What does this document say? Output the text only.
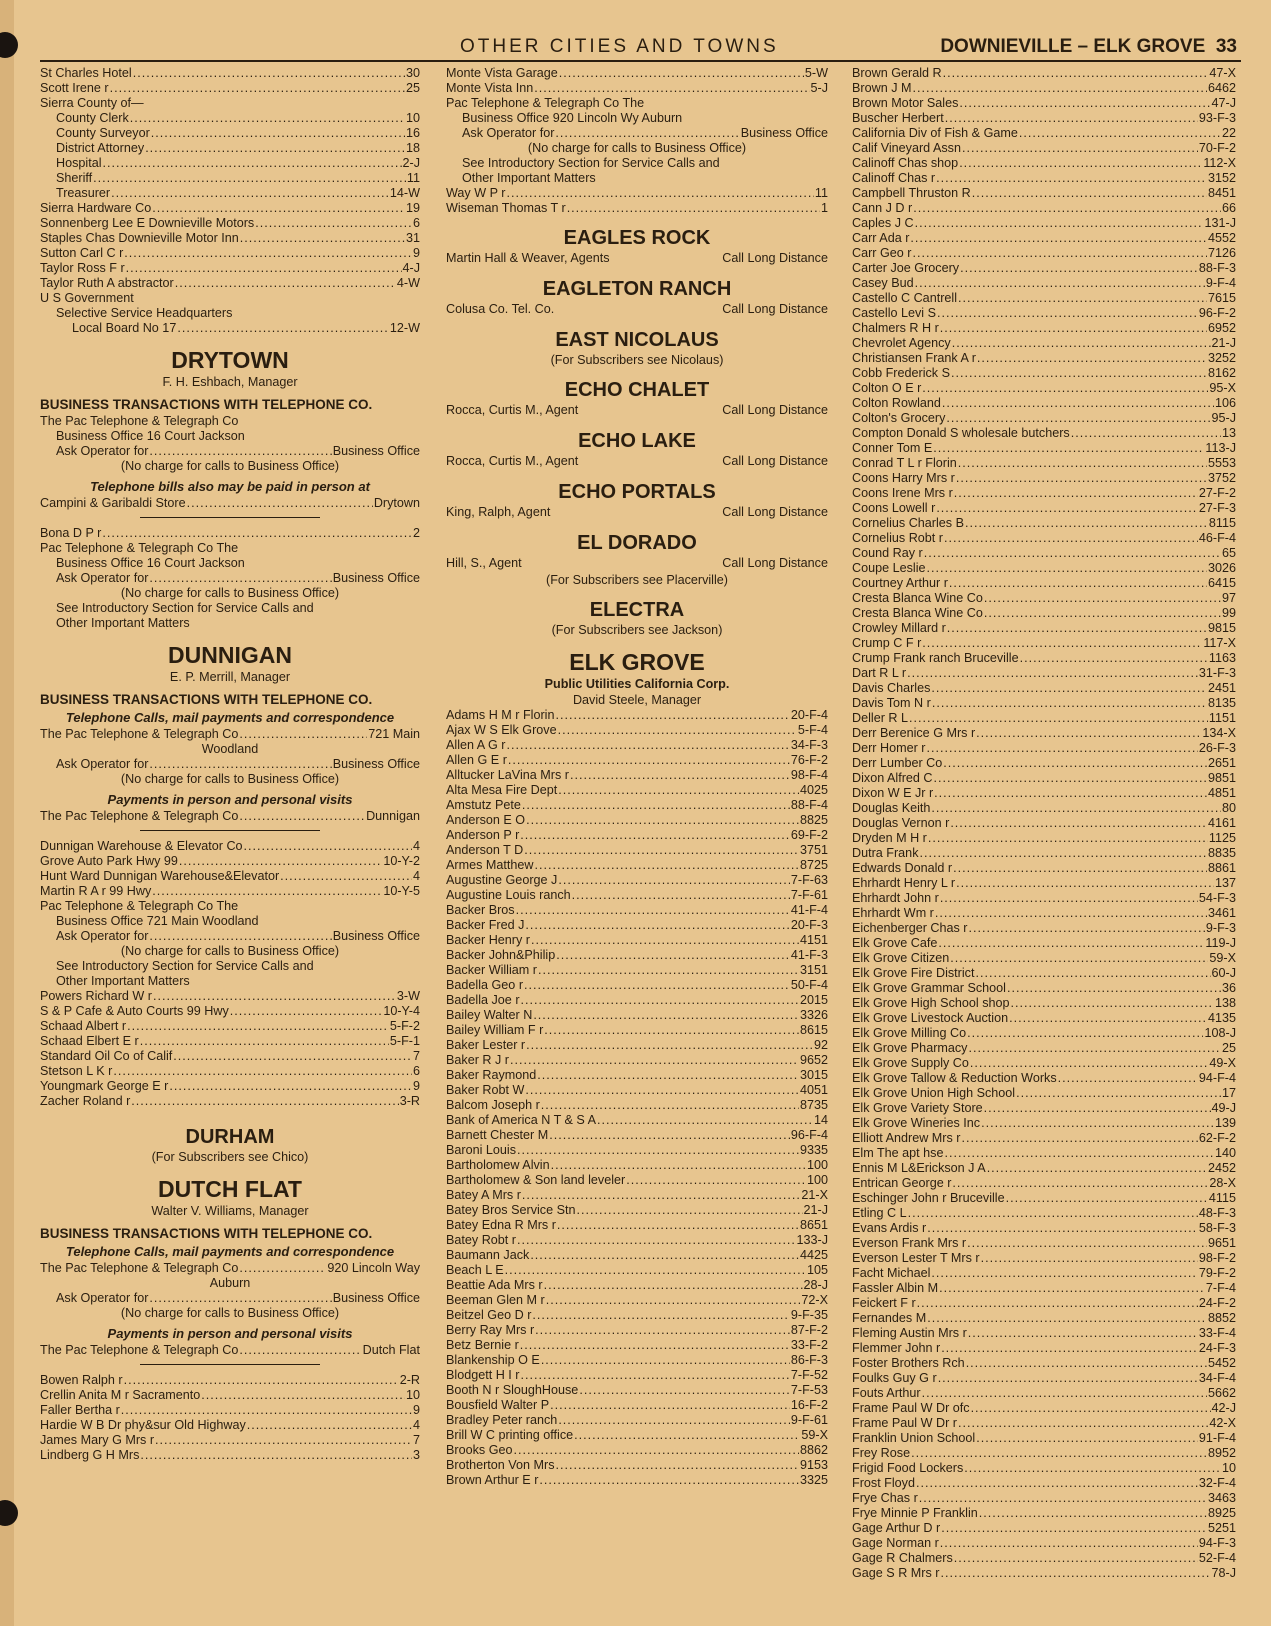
OTHER CITIES AND TOWNS	DOWNIEVILLE – ELK GROVE 33
St Charles Hotel .....	30
Scott Irene r .....	25
Sierra County of—
County Clerk .....	10
County Surveyor .....	16
District Attorney .....	18
Hospital .....	2-J
Sheriff .....	11
Treasurer .....	14-W
Sierra Hardware Co .....	19
Sonnenberg Lee E Downieville Motors .....	6
Staples Chas Downieville Motor Inn .....	31
Sutton Carl C r .....	9
Taylor Ross F r .....	4-J
Taylor Ruth A abstractor .....	4-W
U S Government
Selective Service Headquarters
Local Board No 17 .....	12-W
DRYTOWN
F. H. Eshbach, Manager
BUSINESS TRANSACTIONS WITH TELEPHONE CO.
The Pac Telephone & Telegraph Co
Business Office 16 Court Jackson
Ask Operator for .....	Business Office
(No charge for calls to Business Office)
Telephone bills also may be paid in person at
Campini & Garibaldi Store .....	Drytown
Bona D P r .....	2
Pac Telephone & Telegraph Co The
Business Office 16 Court Jackson
Ask Operator for .....	Business Office
(No charge for calls to Business Office)
See Introductory Section for Service Calls and
Other Important Matters
DUNNIGAN
E. P. Merrill, Manager
BUSINESS TRANSACTIONS WITH TELEPHONE CO.
Telephone Calls, mail payments and correspondence
The Pac Telephone & Telegraph Co .....	721 Main
Woodland
Ask Operator for .....	Business Office
(No charge for calls to Business Office)
Payments in person and personal visits
The Pac Telephone & Telegraph Co .....	Dunnigan
Dunnigan Warehouse & Elevator Co .....	4
Grove Auto Park Hwy 99 .....	10-Y-2
Hunt Ward Dunnigan Warehouse&Elevator .....	4
Martin R A r 99 Hwy .....	10-Y-5
Pac Telephone & Telegraph Co The
Business Office 721 Main Woodland
Ask Operator for .....	Business Office
(No charge for calls to Business Office)
See Introductory Section for Service Calls and
Other Important Matters
Powers Richard W r .....	3-W
S & P Cafe & Auto Courts 99 Hwy .....	10-Y-4
Schaad Albert r .....	5-F-2
Schaad Elbert E r .....	5-F-1
Standard Oil Co of Calif .....	7
Stetson L K r .....	6
Youngmark George E r .....	9
Zacher Roland r .....	3-R
DURHAM
(For Subscribers see Chico)
DUTCH FLAT
Walter V. Williams, Manager
BUSINESS TRANSACTIONS WITH TELEPHONE CO.
Telephone Calls, mail payments and correspondence
The Pac Telephone & Telegraph Co .....	920 Lincoln Way
Auburn
Ask Operator for .....	Business Office
(No charge for calls to Business Office)
Payments in person and personal visits
The Pac Telephone & Telegraph Co .....	Dutch Flat
Bowen Ralph r .....	2-R
Crellin Anita M r Sacramento .....	10
Faller Bertha r .....	9
Hardie W B Dr phy&sur Old Highway .....	4
James Mary G Mrs r .....	7
Lindberg G H Mrs .....	3
Monte Vista Garage .....	5-W
Monte Vista Inn .....	5-J
Pac Telephone & Telegraph Co The
Business Office 920 Lincoln Wy Auburn
Ask Operator for .....	Business Office
(No charge for calls to Business Office)
See Introductory Section for Service Calls and
Other Important Matters
Way W P r .....	11
Wiseman Thomas T r .....	1
EAGLES ROCK
Martin Hall & Weaver, Agents	Call Long Distance
EAGLETON RANCH
Colusa Co. Tel. Co.	Call Long Distance
EAST NICOLAUS
(For Subscribers see Nicolaus)
ECHO CHALET
Rocca, Curtis M., Agent	Call Long Distance
ECHO LAKE
Rocca, Curtis M., Agent	Call Long Distance
ECHO PORTALS
King, Ralph, Agent	Call Long Distance
EL DORADO
Hill, S., Agent	Call Long Distance
(For Subscribers see Placerville)
ELECTRA
(For Subscribers see Jackson)
ELK GROVE
Public Utilities California Corp.
David Steele, Manager
Adams H M r Florin .....	20-F-4
Ajax W S Elk Grove .....	5-F-4
Allen A G r .....	34-F-3
Allen G E r .....	76-F-2
Alltucker LaVina Mrs r .....	98-F-4
Alta Mesa Fire Dept .....	4025
Amstutz Pete .....	88-F-4
Anderson E O .....	8825
Anderson P r .....	69-F-2
Anderson T D .....	3751
Armes Matthew .....	8725
Augustine George J .....	7-F-63
Augustine Louis ranch .....	7-F-61
Backer Bros .....	41-F-4
Backer Fred J .....	20-F-3
Backer Henry r .....	4151
Backer John&Philip .....	41-F-3
Backer William r .....	3151
Badella Geo r .....	50-F-4
Badella Joe r .....	2015
Bailey Walter N .....	3326
Bailey William F r .....	8615
Baker Lester r .....	92
Baker R J r .....	9652
Baker Raymond .....	3015
Baker Robt W .....	4051
Balcom Joseph r .....	8735
Bank of America N T & S A .....	14
Barnett Chester M .....	96-F-4
Baroni Louis .....	9335
Bartholomew Alvin .....	100
Bartholomew & Son land leveler .....	100
Batey A Mrs r .....	21-X
Batey Bros Service Stn .....	21-J
Batey Edna R Mrs r .....	8651
Batey Robt r .....	133-J
Baumann Jack .....	4425
Beach L E .....	105
Beattie Ada Mrs r .....	28-J
Beeman Glen M r .....	72-X
Beitzel Geo D r .....	9-F-35
Berry Ray Mrs r .....	87-F-2
Betz Bernie r .....	33-F-2
Blankenship O E .....	86-F-3
Blodgett H I r .....	7-F-52
Booth N r SloughHouse .....	7-F-53
Bousfield Walter P .....	16-F-2
Bradley Peter ranch .....	9-F-61
Brill W C printing office .....	59-X
Brooks Geo .....	8862
Brotherton Von Mrs .....	9153
Brown Arthur E r .....	3325
Brown Gerald R .....	47-X
Brown J M .....	6462
Brown Motor Sales .....	47-J
Buscher Herbert .....	93-F-3
California Div of Fish & Game .....	22
Calif Vineyard Assn .....	70-F-2
Calinoff Chas shop .....	112-X
Calinoff Chas r .....	3152
Campbell Thruston R .....	8451
Cann J D r .....	66
Caples J C .....	131-J
Carr Ada r .....	4552
Carr Geo r .....	7126
Carter Joe Grocery .....	88-F-3
Casey Bud .....	9-F-4
Castello C Cantrell .....	7615
Castello Levi S .....	96-F-2
Chalmers R H r .....	6952
Chevrolet Agency .....	21-J
Christiansen Frank A r .....	3252
Cobb Frederick S .....	8162
Colton O E r .....	95-X
Colton Rowland .....	106
Colton's Grocery .....	95-J
Compton Donald S wholesale butchers .....	13
Conner Tom E .....	113-J
Conrad T L r Florin .....	5553
Coons Harry Mrs r .....	3752
Coons Irene Mrs r .....	27-F-2
Coons Lowell r .....	27-F-3
Cornelius Charles B .....	8115
Cornelius Robt r .....	46-F-4
Cound Ray r .....	65
Coupe Leslie .....	3026
Courtney Arthur r .....	6415
Cresta Blanca Wine Co .....	97
Cresta Blanca Wine Co .....	99
Crowley Millard r .....	9815
Crump C F r .....	117-X
Crump Frank ranch Bruceville .....	1163
Dart R L r .....	31-F-3
Davis Charles .....	2451
Davis Tom N r .....	8135
Deller R L .....	1151
Derr Berenice G Mrs r .....	134-X
Derr Homer r .....	26-F-3
Derr Lumber Co .....	2651
Dixon Alfred C .....	9851
Dixon W E Jr r .....	4851
Douglas Keith .....	80
Douglas Vernon r .....	4161
Dryden M H r .....	1125
Dutra Frank .....	8835
Edwards Donald r .....	8861
Ehrhardt Henry L r .....	137
Ehrhardt John r .....	54-F-3
Ehrhardt Wm r .....	3461
Eichenberger Chas r .....	9-F-3
Elk Grove Cafe .....	119-J
Elk Grove Citizen .....	59-X
Elk Grove Fire District .....	60-J
Elk Grove Grammar School .....	36
Elk Grove High School shop .....	138
Elk Grove Livestock Auction .....	4135
Elk Grove Milling Co .....	108-J
Elk Grove Pharmacy .....	25
Elk Grove Supply Co .....	49-X
Elk Grove Tallow & Reduction Works .....	94-F-4
Elk Grove Union High School .....	17
Elk Grove Variety Store .....	49-J
Elk Grove Wineries Inc .....	139
Elliott Andrew Mrs r .....	62-F-2
Elm The apt hse .....	140
Ennis M L&Erickson J A .....	2452
Entrican George r .....	28-X
Eschinger John r Bruceville .....	4115
Etling C L .....	48-F-3
Evans Ardis r .....	58-F-3
Everson Frank Mrs r .....	9651
Everson Lester T Mrs r .....	98-F-2
Facht Michael .....	79-F-2
Fassler Albin M .....	7-F-4
Feickert F r .....	24-F-2
Fernandes M .....	8852
Fleming Austin Mrs r .....	33-F-4
Flemmer John r .....	24-F-3
Foster Brothers Rch .....	5452
Foulks Guy G r .....	34-F-4
Fouts Arthur .....	5662
Frame Paul W Dr ofc .....	42-J
Frame Paul W Dr r .....	42-X
Franklin Union School .....	91-F-4
Frey Rose .....	8952
Frigid Food Lockers .....	10
Frost Floyd .....	32-F-4
Frye Chas r .....	3463
Frye Minnie P Franklin .....	8925
Gage Arthur D r .....	5251
Gage Norman r .....	94-F-3
Gage R Chalmers .....	52-F-4
Gage S R Mrs r .....	78-J
